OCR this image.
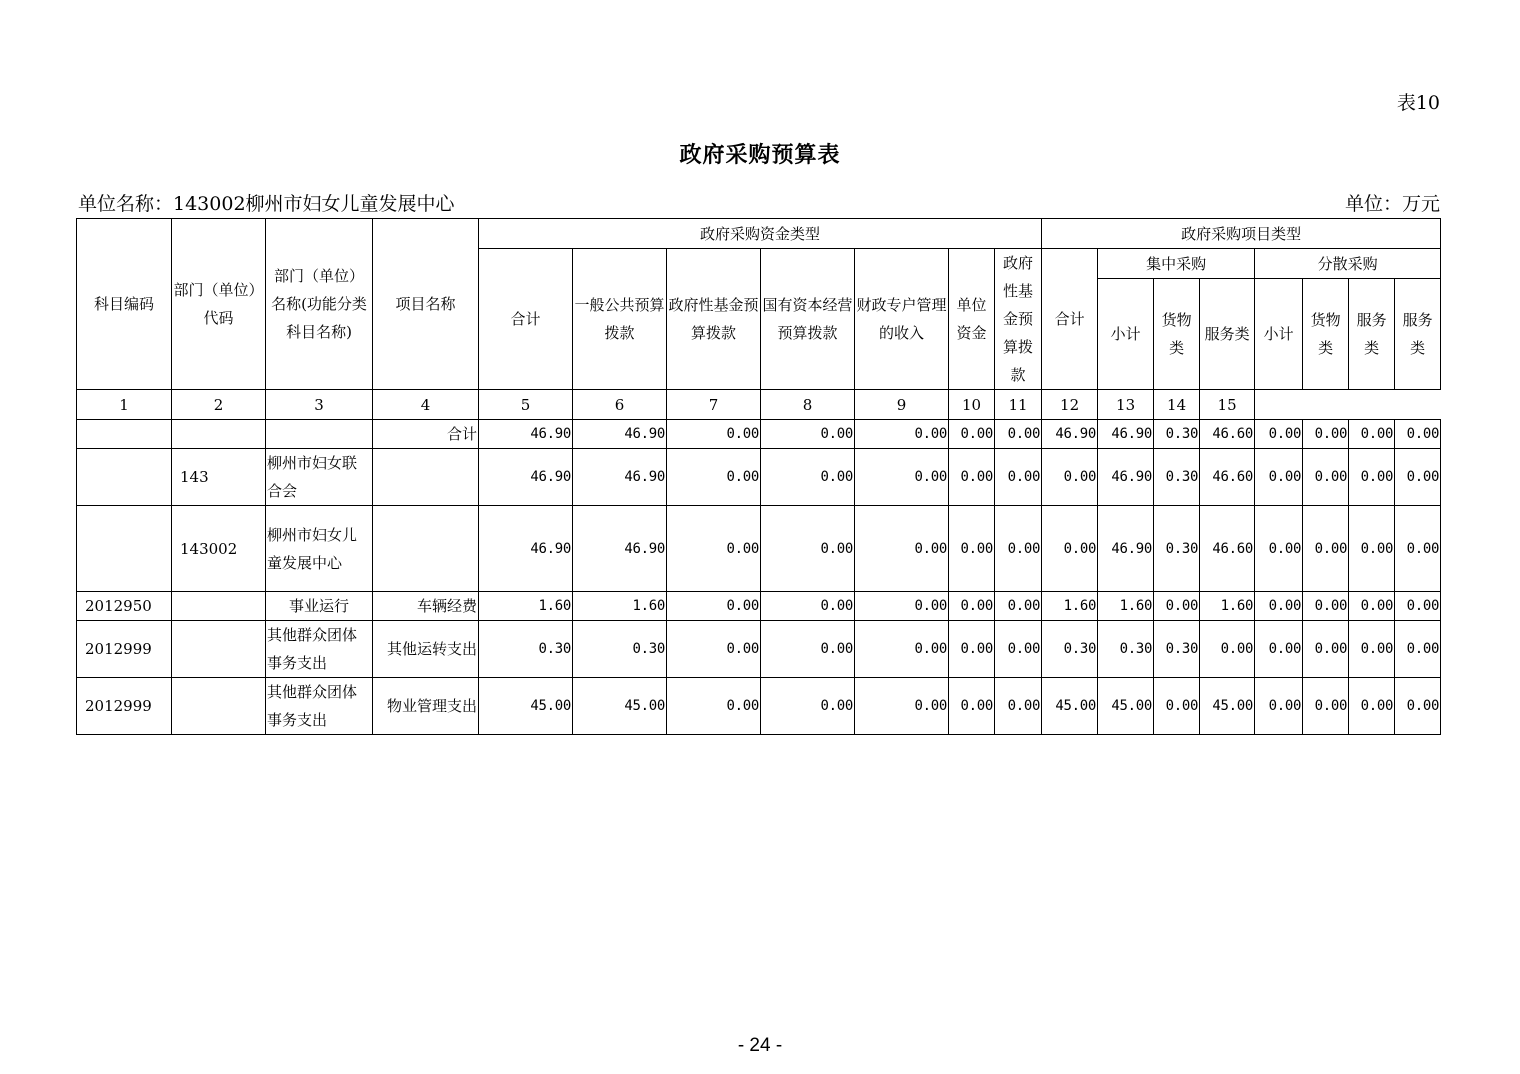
表10
政府采购预算表
单位名称：143002柳州市妇女儿童发展中心	单位：万元
科目编码	部门（单位）代码	部门（单位）名称(功能分类科目名称)	项目名称	政府采购资金类型							政府采购项目类型							
				合计	一般公共预算拨款	政府性基金预算拨款	国有资本经营预算拨款	财政专户管理的收入	单位资金	政府性基金预算拨款	合计	集中采购			分散采购			
												小计	货物类	服务类	小计	货物类	服务类	服务类
1	2	3	4	5	6	7	8	9	10	11	12	13	14	15				
			合计	46.90	46.90	0.00	0.00	0.00	0.00	0.00	46.90	46.90	0.30	46.60	0.00	0.00	0.00	0.00
	143	柳州市妇女联合会		46.90	46.90	0.00	0.00	0.00	0.00	0.00	0.00	46.90	0.30	46.60	0.00	0.00	0.00	0.00
	143002	柳州市妇女儿童发展中心		46.90	46.90	0.00	0.00	0.00	0.00	0.00	0.00	46.90	0.30	46.60	0.00	0.00	0.00	0.00
2012950		事业运行	车辆经费	1.60	1.60	0.00	0.00	0.00	0.00	0.00	1.60	1.60	0.00	1.60	0.00	0.00	0.00	0.00
2012999		其他群众团体事务支出	其他运转支出	0.30	0.30	0.00	0.00	0.00	0.00	0.00	0.30	0.30	0.30	0.00	0.00	0.00	0.00	0.00
2012999		其他群众团体事务支出	物业管理支出	45.00	45.00	0.00	0.00	0.00	0.00	0.00	45.00	45.00	0.00	45.00	0.00	0.00	0.00	0.00
- 24 -
